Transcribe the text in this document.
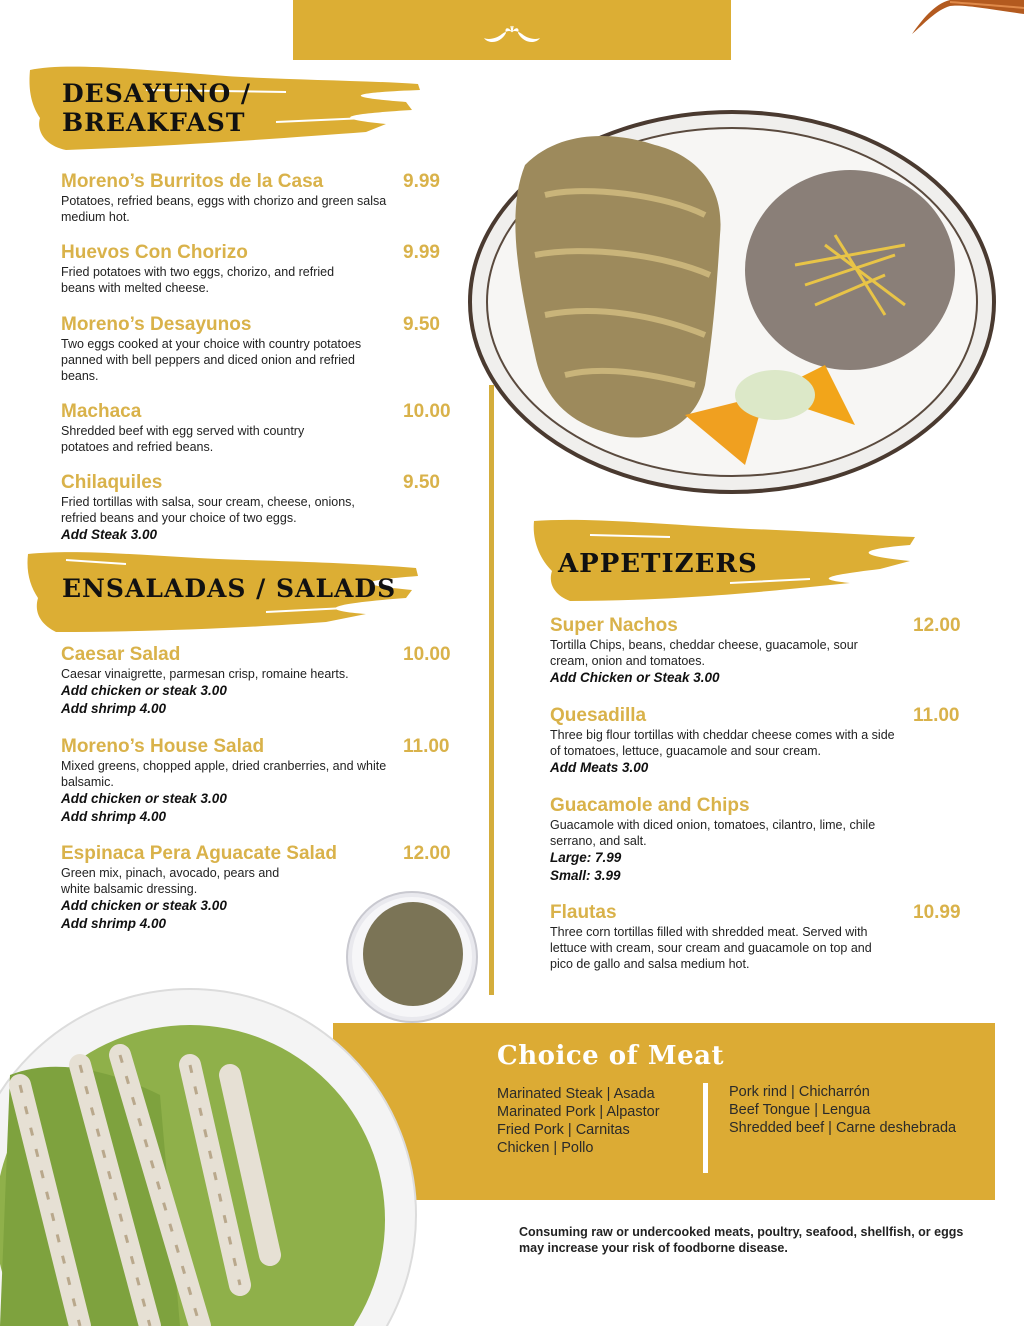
DESAYUNO /
BREAKFAST
Moreno’s Burritos de la Casa	9.99
Potatoes, refried beans, eggs with chorizo and green salsa medium hot.
Huevos Con Chorizo	9.99
Fried potatoes with two eggs, chorizo, and refried beans with melted cheese.
Moreno’s Desayunos	9.50
Two eggs cooked at your choice with country potatoes panned with bell peppers and diced onion and refried beans.
Machaca	10.00
Shredded beef with egg served with country potatoes and refried beans.
Chilaquiles	9.50
Fried tortillas with salsa, sour cream, cheese, onions, refried beans and your choice of two eggs.
Add Steak 3.00
ENSALADAS / SALADS
Caesar Salad	10.00
Caesar vinaigrette, parmesan crisp, romaine hearts.
Add chicken or steak 3.00
Add shrimp 4.00
Moreno’s House Salad	11.00
Mixed greens, chopped apple, dried cranberries, and white balsamic.
Add chicken or steak 3.00
Add shrimp 4.00
Espinaca Pera Aguacate Salad	12.00
Green mix, pinach, avocado, pears and white balsamic dressing.
Add chicken or steak 3.00
Add shrimp 4.00
APPETIZERS
Super Nachos	12.00
Tortilla Chips, beans, cheddar cheese, guacamole, sour cream, onion and tomatoes.
Add Chicken or Steak 3.00
Quesadilla	11.00
Three big flour tortillas with cheddar cheese comes with a side of tomatoes, lettuce, guacamole and sour cream.
Add Meats 3.00
Guacamole and Chips
Guacamole with diced onion, tomatoes, cilantro, lime, chile serrano, and salt.
Large: 7.99
Small: 3.99
Flautas	10.99
Three corn tortillas filled with shredded meat. Served with lettuce with cream, sour cream and guacamole on top and pico de gallo and salsa medium hot.
Choice of Meat
Marinated Steak | Asada
Marinated Pork | Alpastor
Fried Pork | Carnitas
Chicken | Pollo
Pork rind | Chicharrón
Beef Tongue | Lengua
Shredded beef | Carne deshebrada
Consuming raw or undercooked meats, poultry, seafood, shellfish, or eggs may increase your risk of foodborne disease.
